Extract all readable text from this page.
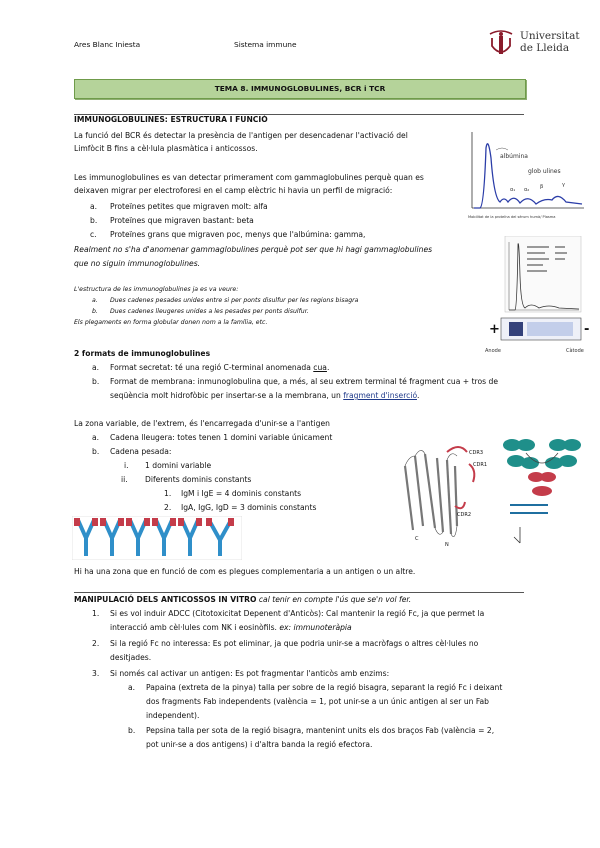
Ares Blanc Iniesta	Sistema immune
Universitat
de Lleida
TEMA 8. IMMUNOGLOBULINES, BCR i TCR
IMMUNOGLOBULINES: ESTRUCTURA I FUNCIÓ
La funció del BCR és detectar la presència de l'antigen per desencadenar l'activació del
Limfòcit B fins a cèl·lula plasmàtica i anticossos.
Les immunoglobulines es van detectar primerament com gammaglobulines perquè quan es
deixaven migrar per electroforesi en el camp elèctric hi havia un perfil de migració:
a. Proteïnes petites que migraven molt: alfa
b. Proteïnes que migraven bastant: beta
c. Proteïnes grans que migraven poc, menys que l'albúmina: gamma,
Realment no s'ha d'anomenar gammaglobulines perquè pot ser que hi hagi gammaglobulines
que no siguin immunoglobulines.
L'estructura de les immunoglobulines ja es va veure:
a. Dues cadenes pesades unides entre si per ponts disulfur per les regions bisagra
b. Dues cadenes lleugeres unides a les pesades per ponts disulfur.
Els plegaments en forma globular donen nom a la família, etc.
albúmina
glob ulines
α₁ α₂ β	γ
Mobilitat de la proteïna del sèrum humà/ Plasma
+	-
Anode	Càtode
2 formats de immunoglobulines
a. Format secretat: té una regió C-terminal anomenada cua.
b. Format de membrana: inmunoglobulina que, a més, al seu extrem terminal té fragment cua + tros de
seqüència molt hidrofòbic per insertar-se a la membrana, un fragment d'inserció.
La zona variable, de l'extrem, és l'encarregada d'unir-se a l'antigen
a. Cadena lleugera: totes tenen 1 domini variable únicament
b. Cadena pesada:
i. 1 domini variable
ii. Diferents dominis constants
1. IgM i IgE = 4 dominis constants
2. IgA, IgG, IgD = 3 dominis constants
CDR3
CDR1
CDR2
N
C
Hi ha una zona que en funció de com es plegues complementaria a un antigen o un altre.
MANIPULACIÓ DELS ANTICOSSOS IN VITRO cal tenir en compte l'ús que se'n vol fer.
1. Si es vol induir ADCC (Citotoxicitat Depenent d'Anticòs): Cal mantenir la regió Fc, ja que permet la
interacció amb cèl·lules com NK i eosinòfils. ex: immunoteràpia
2. Si la regió Fc no interessa: Es pot eliminar, ja que podria unir-se a macròfags o altres cèl·lules no
desitjades.
3. Si només cal activar un antigen: Es pot fragmentar l'anticòs amb enzims:
a. Papaina (extreta de la pinya) talla per sobre de la regió bisagra, separant la regió Fc i deixant
dos fragments Fab independents (valència = 1, pot unir-se a un únic antigen al ser un Fab
independent).
b. Pepsina talla per sota de la regió bisagra, mantenint units els dos braços Fab (valència = 2,
pot unir-se a dos antigens) i d'altra banda la regió efectora.
